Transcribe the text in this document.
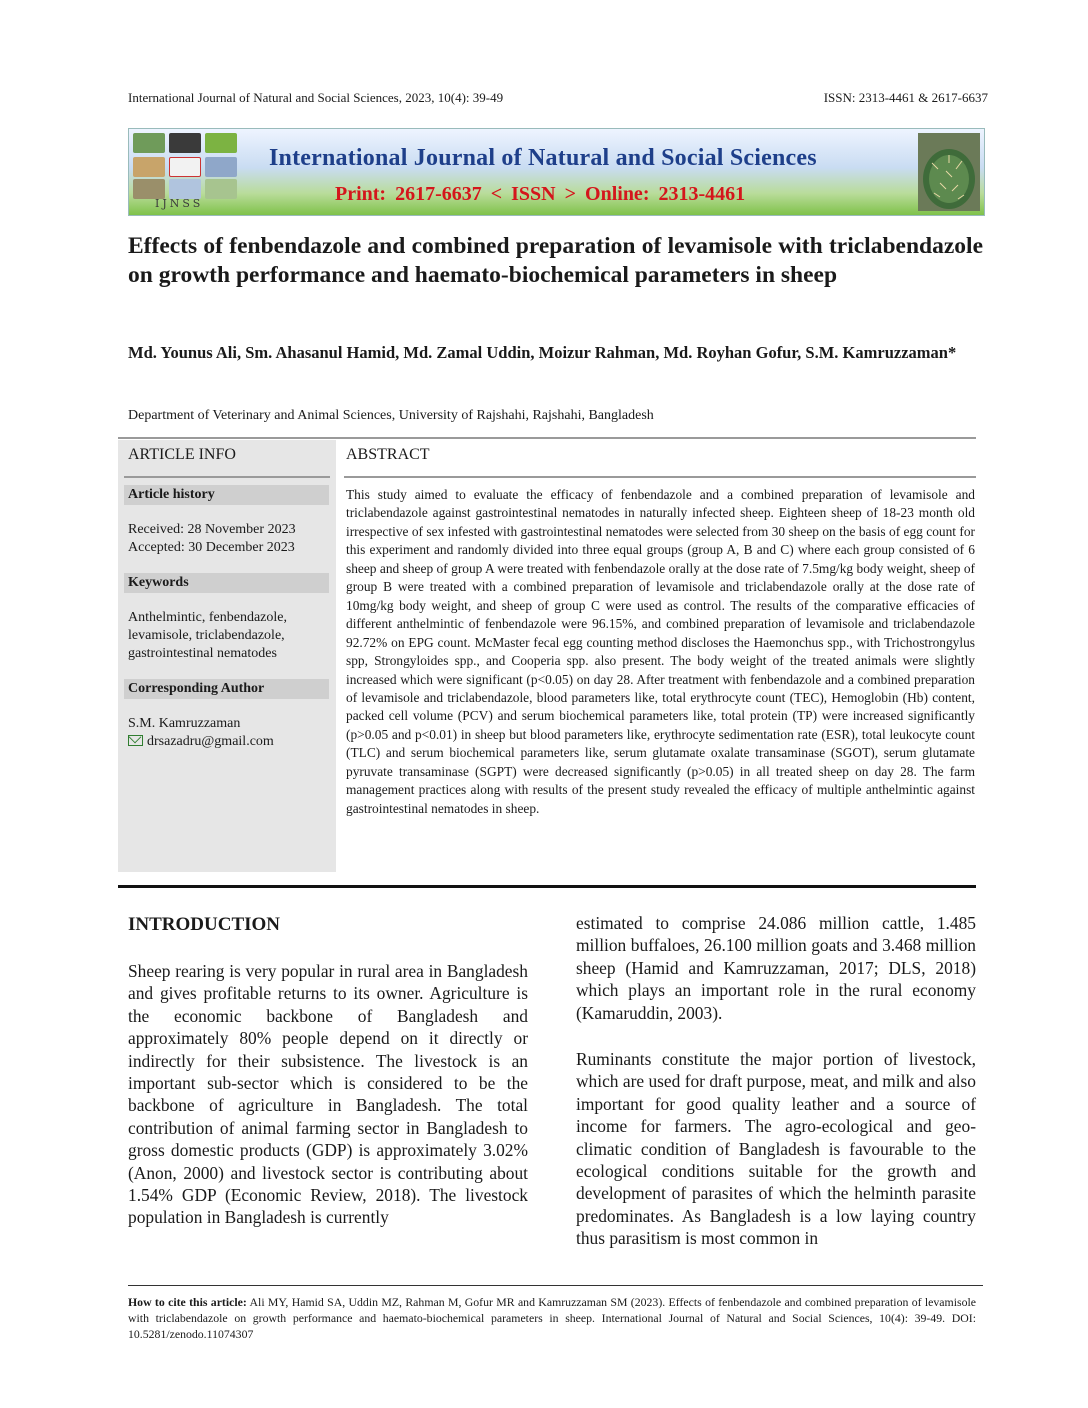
International Journal of Natural and Social Sciences, 2023, 10(4): 39-49	ISSN: 2313-4461 & 2617-6637
IJNSS
International Journal of Natural and Social Sciences
Print: 2617-6637 < ISSN > Online: 2313-4461
Effects of fenbendazole and combined preparation of levamisole with triclabendazole on growth performance and haemato-biochemical parameters in sheep
Md. Younus Ali, Sm. Ahasanul Hamid, Md. Zamal Uddin, Moizur Rahman, Md. Royhan Gofur, S.M. Kamruzzaman*
Department of Veterinary and Animal Sciences, University of Rajshahi, Rajshahi, Bangladesh
ARTICLE INFO
Article history
Received: 28 November 2023
Accepted: 30 December 2023
Keywords
Anthelmintic, fenbendazole, levamisole, triclabendazole, gastrointestinal nematodes
Corresponding Author
S.M. Kamruzzaman
drsazadru@gmail.com
ABSTRACT
This study aimed to evaluate the efficacy of fenbendazole and a combined preparation of levamisole and triclabendazole against gastrointestinal nematodes in naturally infected sheep. Eighteen sheep of 18-23 month old irrespective of sex infested with gastrointestinal nematodes were selected from 30 sheep on the basis of egg count for this experiment and randomly divided into three equal groups (group A, B and C) where each group consisted of 6 sheep and sheep of group A were treated with fenbendazole orally at the dose rate of 7.5mg/kg body weight, sheep of group B were treated with a combined preparation of levamisole and triclabendazole orally at the dose rate of 10mg/kg body weight, and sheep of group C were used as control. The results of the comparative efficacies of different anthelmintic of fenbendazole were 96.15%, and combined preparation of levamisole and triclabendazole 92.72% on EPG count. McMaster fecal egg counting method discloses the Haemonchus spp., with Trichostrongylus spp, Strongyloides spp., and Cooperia spp. also present. The body weight of the treated animals were slightly increased which were significant (p<0.05) on day 28. After treatment with fenbendazole and a combined preparation of levamisole and triclabendazole, blood parameters like, total erythrocyte count (TEC), Hemoglobin (Hb) content, packed cell volume (PCV) and serum biochemical parameters like, total protein (TP) were increased significantly (p>0.05 and p<0.01) in sheep but blood parameters like, erythrocyte sedimentation rate (ESR), total leukocyte count (TLC) and serum biochemical parameters like, serum glutamate oxalate transaminase (SGOT), serum glutamate pyruvate transaminase (SGPT) were decreased significantly (p>0.05) in all treated sheep on day 28. The farm management practices along with results of the present study revealed the efficacy of multiple anthelmintic against gastrointestinal nematodes in sheep.
INTRODUCTION
Sheep rearing is very popular in rural area in Bangladesh and gives profitable returns to its owner. Agriculture is the economic backbone of Bangladesh and approximately 80% people depend on it directly or indirectly for their subsistence. The livestock is an important sub-sector which is considered to be the backbone of agriculture in Bangladesh. The total contribution of animal farming sector in Bangladesh to gross domestic products (GDP) is approximately 3.02% (Anon, 2000) and livestock sector is contributing about 1.54% GDP (Economic Review, 2018). The livestock population in Bangladesh is currently
estimated to comprise 24.086 million cattle, 1.485 million buffaloes, 26.100 million goats and 3.468 million sheep (Hamid and Kamruzzaman, 2017; DLS, 2018) which plays an important role in the rural economy (Kamaruddin, 2003).
Ruminants constitute the major portion of livestock, which are used for draft purpose, meat, and milk and also important for good quality leather and a source of income for farmers. The agro-ecological and geo-climatic condition of Bangladesh is favourable to the ecological conditions suitable for the growth and development of parasites of which the helminth parasite predominates. As Bangladesh is a low laying country thus parasitism is most common in
How to cite this article: Ali MY, Hamid SA, Uddin MZ, Rahman M, Gofur MR and Kamruzzaman SM (2023). Effects of fenbendazole and combined preparation of levamisole with triclabendazole on growth performance and haemato-biochemical parameters in sheep. International Journal of Natural and Social Sciences, 10(4): 39-49. DOI: 10.5281/zenodo.11074307
